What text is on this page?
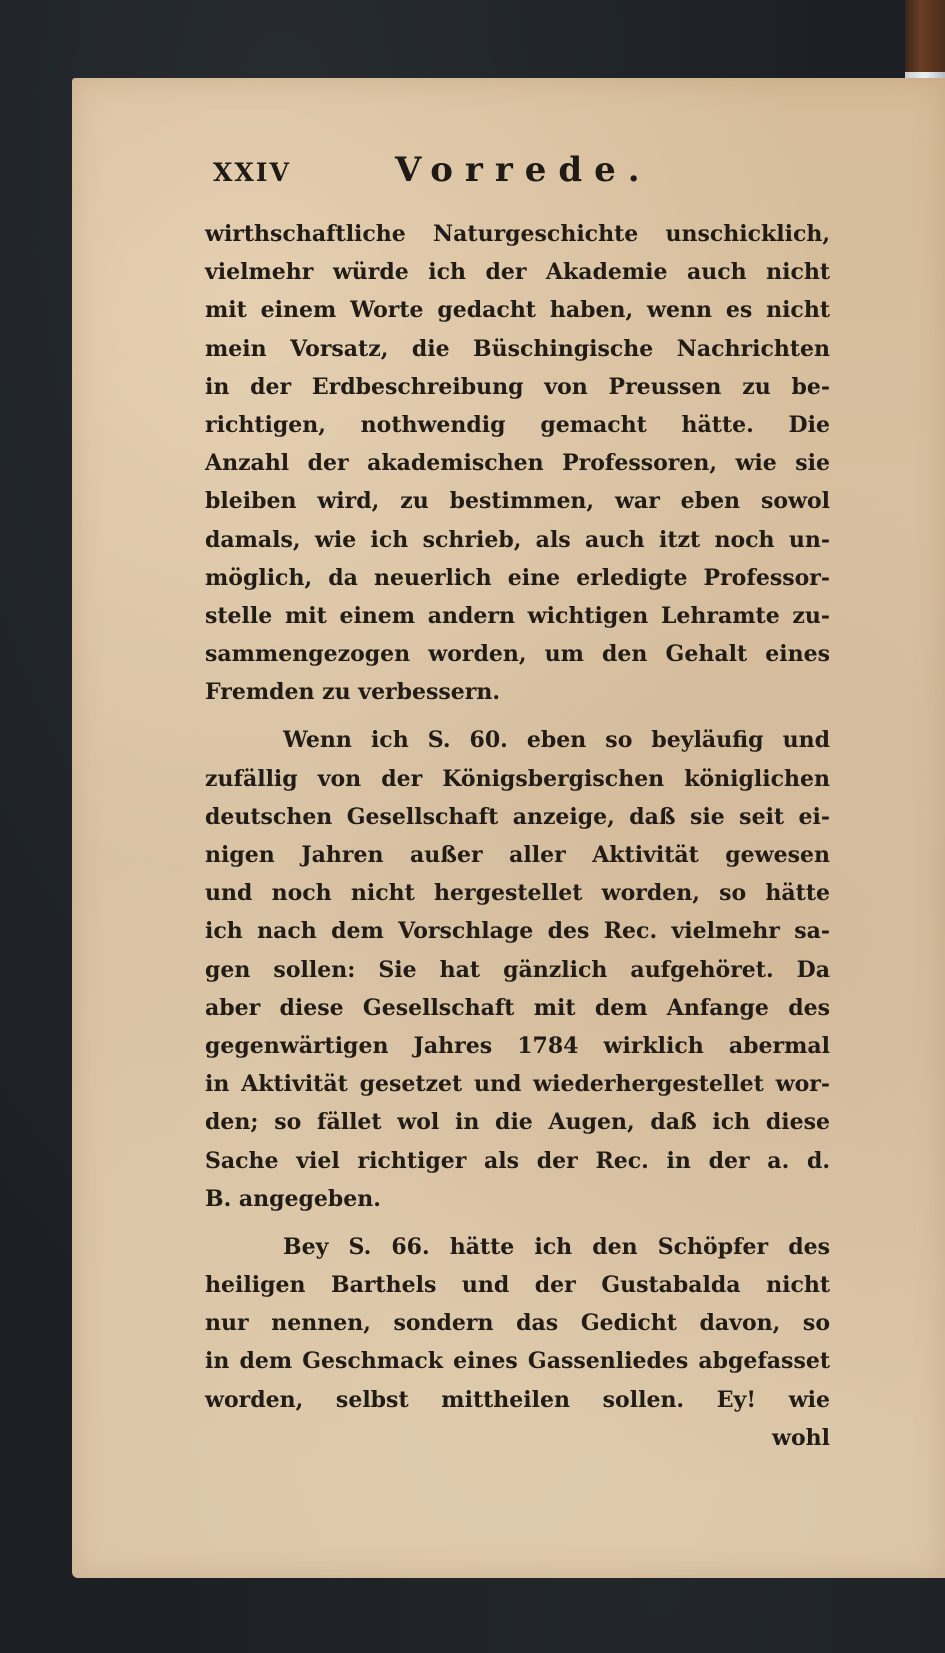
XXIV	Vorrede.
wirthschaftliche Naturgeschichte unschicklich,
vielmehr würde ich der Akademie auch nicht
mit einem Worte gedacht haben, wenn es nicht
mein Vorsatz, die Büschingische Nachrichten
in der Erdbeschreibung von Preussen zu be-
richtigen, nothwendig gemacht hätte. Die
Anzahl der akademischen Professoren, wie sie
bleiben wird, zu bestimmen, war eben sowol
damals, wie ich schrieb, als auch itzt noch un-
möglich, da neuerlich eine erledigte Professor-
stelle mit einem andern wichtigen Lehramte zu-
sammengezogen worden, um den Gehalt eines
Fremden zu verbessern.
Wenn ich S. 60. eben so beyläufig und
zufällig von der Königsbergischen königlichen
deutschen Gesellschaft anzeige, daß sie seit ei-
nigen Jahren außer aller Aktivität gewesen
und noch nicht hergestellet worden, so hätte
ich nach dem Vorschlage des Rec. vielmehr sa-
gen sollen: Sie hat gänzlich aufgehöret. Da
aber diese Gesellschaft mit dem Anfange des
gegenwärtigen Jahres 1784 wirklich abermal
in Aktivität gesetzet und wiederhergestellet wor-
den; so fället wol in die Augen, daß ich diese
Sache viel richtiger als der Rec. in der a. d.
B. angegeben.
Bey S. 66. hätte ich den Schöpfer des
heiligen Barthels und der Gustabalda nicht
nur nennen, sondern das Gedicht davon, so
in dem Geschmack eines Gassenliedes abgefasset
worden, selbst mittheilen sollen. Ey! wie
wohl
